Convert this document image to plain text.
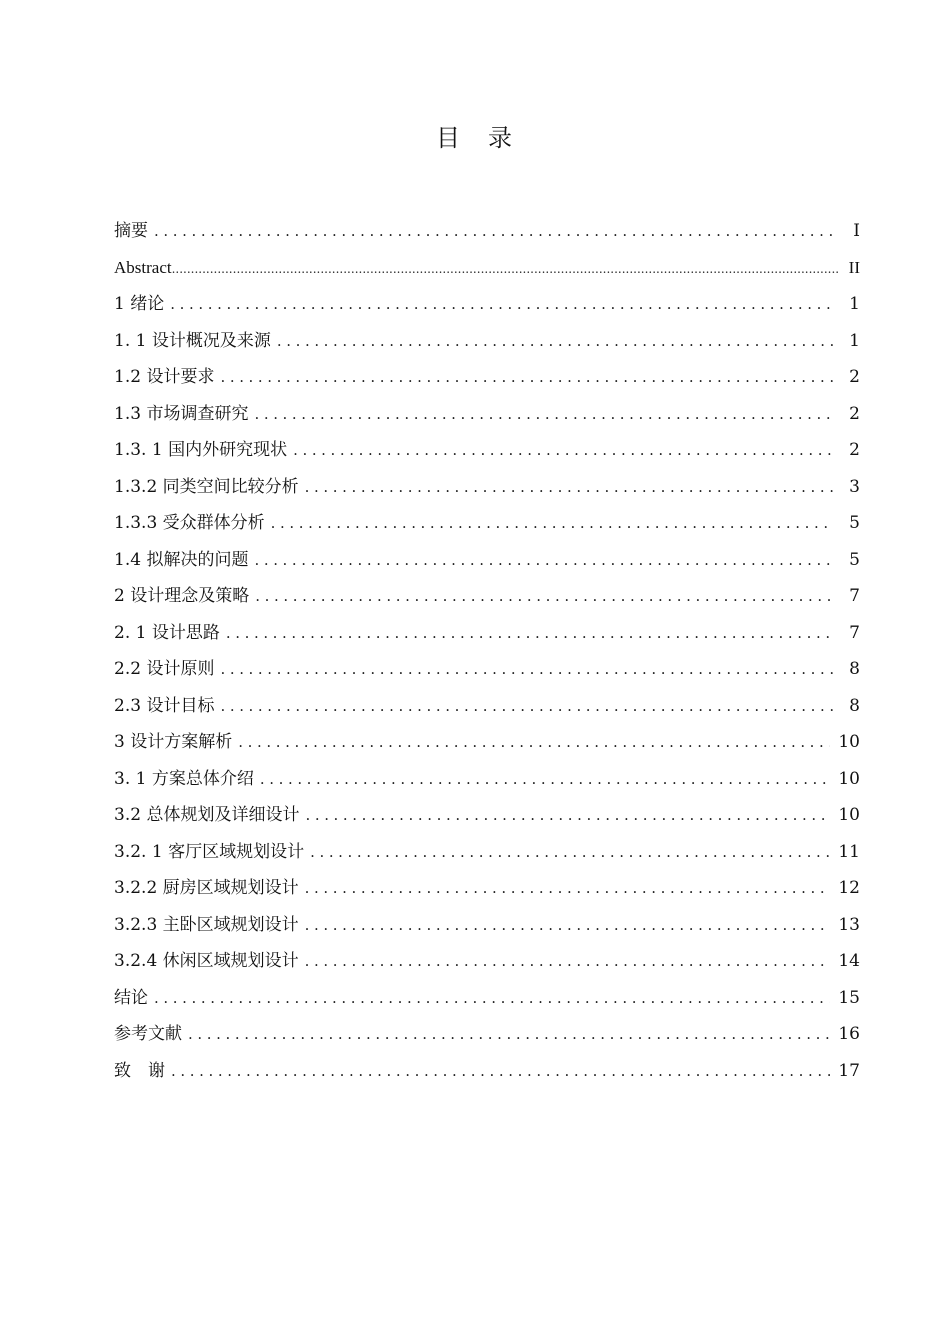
目　录
摘要 .....	I
Abstract .....	II
1 绪论 .....	1
1. 1 设计概况及来源 .....	1
1.2 设计要求 .....	2
1.3 市场调查研究 .....	2
1.3. 1 国内外研究现状 .....	2
1.3.2 同类空间比较分析 .....	3
1.3.3 受众群体分析 .....	5
1.4 拟解决的问题 .....	5
2 设计理念及策略 .....	7
2. 1 设计思路 .....	7
2.2 设计原则 .....	8
2.3 设计目标 .....	8
3 设计方案解析 .....	10
3. 1 方案总体介绍 .....	10
3.2 总体规划及详细设计 .....	10
3.2. 1 客厅区域规划设计 .....	11
3.2.2 厨房区域规划设计 .....	12
3.2.3 主卧区域规划设计 .....	13
3.2.4 休闲区域规划设计 .....	14
结论 .....	15
参考文献 .....	16
致　谢 .....	17
